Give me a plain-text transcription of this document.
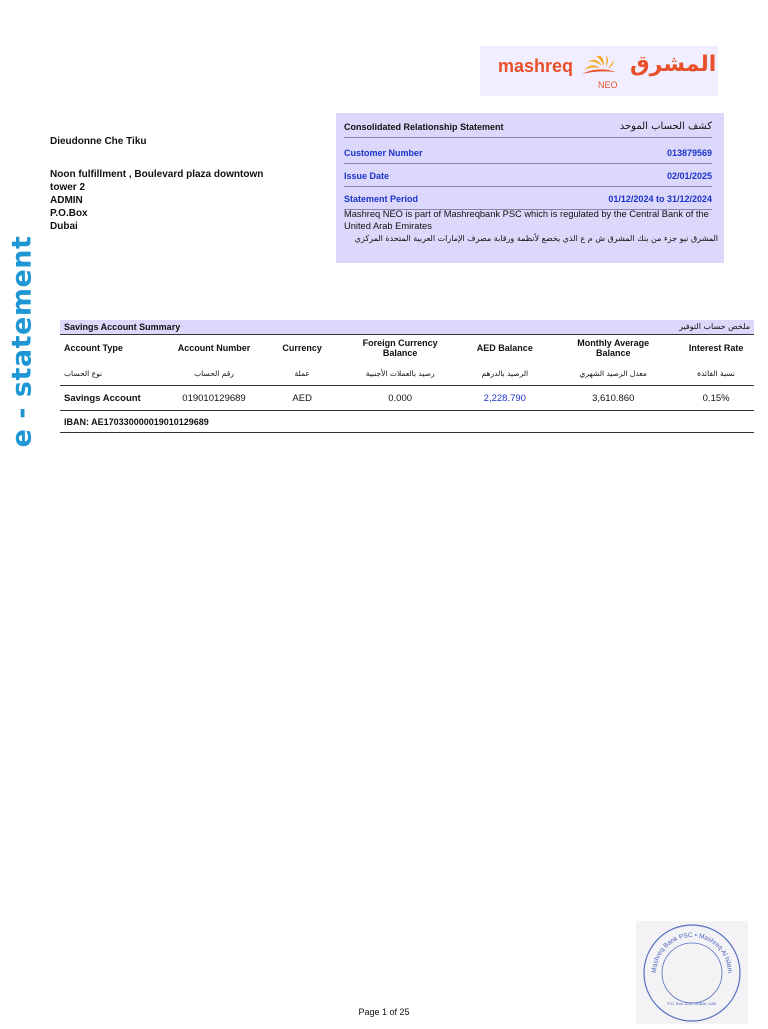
mashreq	المشرق
NEO
e - statement
Dieudonne Che Tiku
Noon fulfillment , Boulevard plaza downtown
tower 2
ADMIN
P.O.Box
Dubai
Consolidated Relationship Statement	كشف الحساب الموحد
Customer Number	013879569
Issue Date	02/01/2025
Statement Period	01/12/2024 to 31/12/2024
Mashreq NEO is part of Mashreqbank PSC which is regulated by the Central Bank of the United Arab Emirates
المشرق نيو جزء من بنك المشرق ش م ع الذي يخضع لأنظمة ورقابة مصرف الإمارات العربية المتحدة المركزي
Savings Account Summary	ملخص حساب التوفير
Account Type	Account Number	Currency	Foreign Currency Balance	AED Balance	Monthly Average Balance	Interest Rate
نوع الحساب	رقم الحساب	عملة	رصيد بالعملات الأجنبية	الرصيد بالدرهم	معدل الرصيد الشهري	نسبة الفائدة
Savings Account	019010129689	AED	0.000	2,228.790	3,610.860	0.15%
IBAN: AE170330000019010129689						
Mashreq Bank PSC • Mashreq Al Islam
P.O. Box 1250 DUBAI, UAE
Page 1 of 25
